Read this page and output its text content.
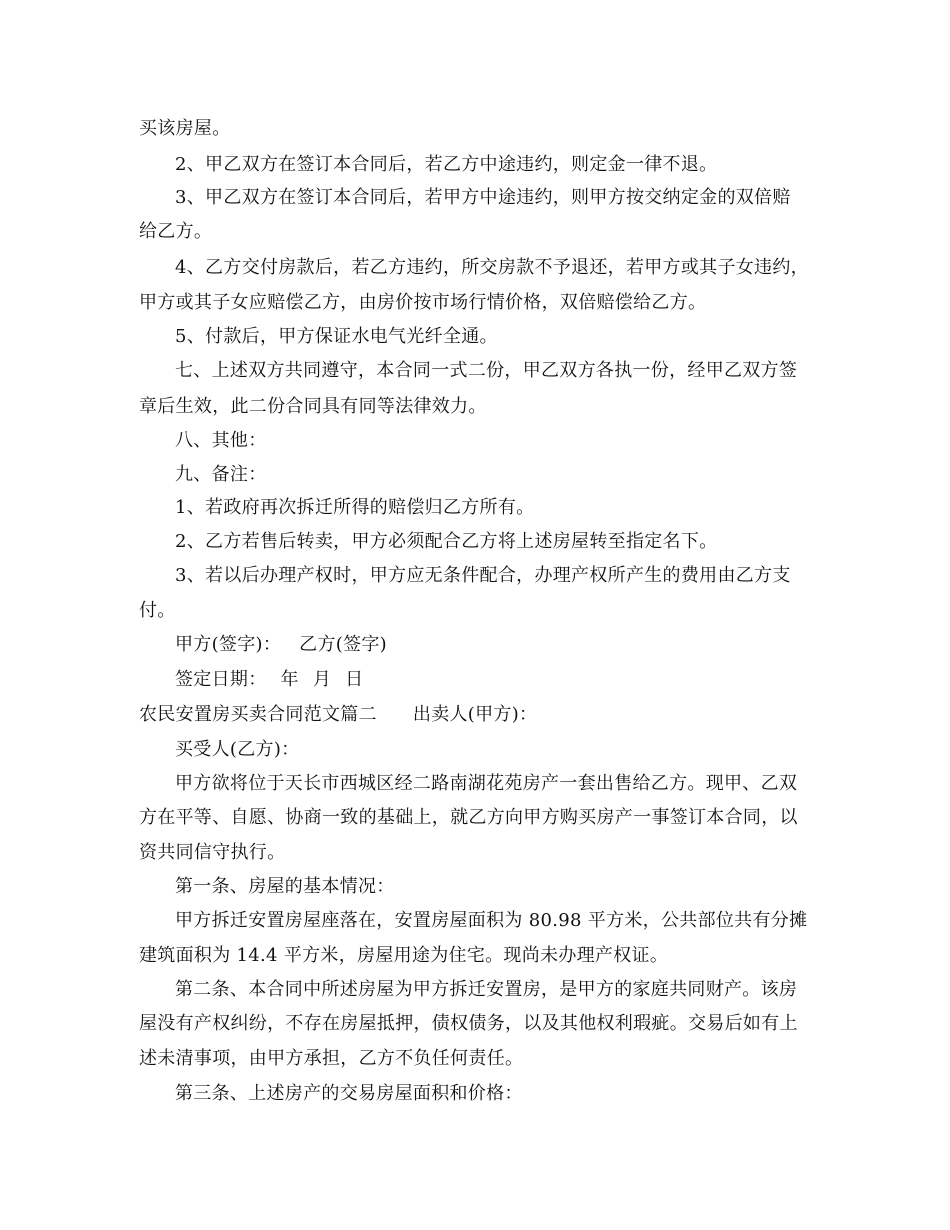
买该房屋。
2、甲乙双方在签订本合同后，若乙方中途违约，则定金一律不退。
3、甲乙双方在签订本合同后，若甲方中途违约，则甲方按交纳定金的双倍赔
给乙方。
4、乙方交付房款后，若乙方违约，所交房款不予退还，若甲方或其子女违约，
甲方或其子女应赔偿乙方，由房价按市场行情价格，双倍赔偿给乙方。
5、付款后，甲方保证水电气光纤全通。
七、上述双方共同遵守，本合同一式二份，甲乙双方各执一份，经甲乙双方签
章后生效，此二份合同具有同等法律效力。
八、其他：
九、备注：
1、若政府再次拆迁所得的赔偿归乙方所有。
2、乙方若售后转卖，甲方必须配合乙方将上述房屋转至指定名下。
3、若以后办理产权时，甲方应无条件配合，办理产权所产生的费用由乙方支
付。
甲方(签字)： 乙方(签字)
签定日期： 年 月 日
农民安置房买卖合同范文篇二 出卖人(甲方)：
买受人(乙方)：
甲方欲将位于天长市西城区经二路南湖花苑房产一套出售给乙方。现甲、乙双
方在平等、自愿、协商一致的基础上，就乙方向甲方购买房产一事签订本合同，以
资共同信守执行。
第一条、房屋的基本情况：
甲方拆迁安置房屋座落在，安置房屋面积为 80.98 平方米，公共部位共有分摊
建筑面积为 14.4 平方米，房屋用途为住宅。现尚未办理产权证。
第二条、本合同中所述房屋为甲方拆迁安置房，是甲方的家庭共同财产。该房
屋没有产权纠纷，不存在房屋抵押，债权债务，以及其他权利瑕疵。交易后如有上
述未清事项，由甲方承担，乙方不负任何责任。
第三条、上述房产的交易房屋面积和价格：
